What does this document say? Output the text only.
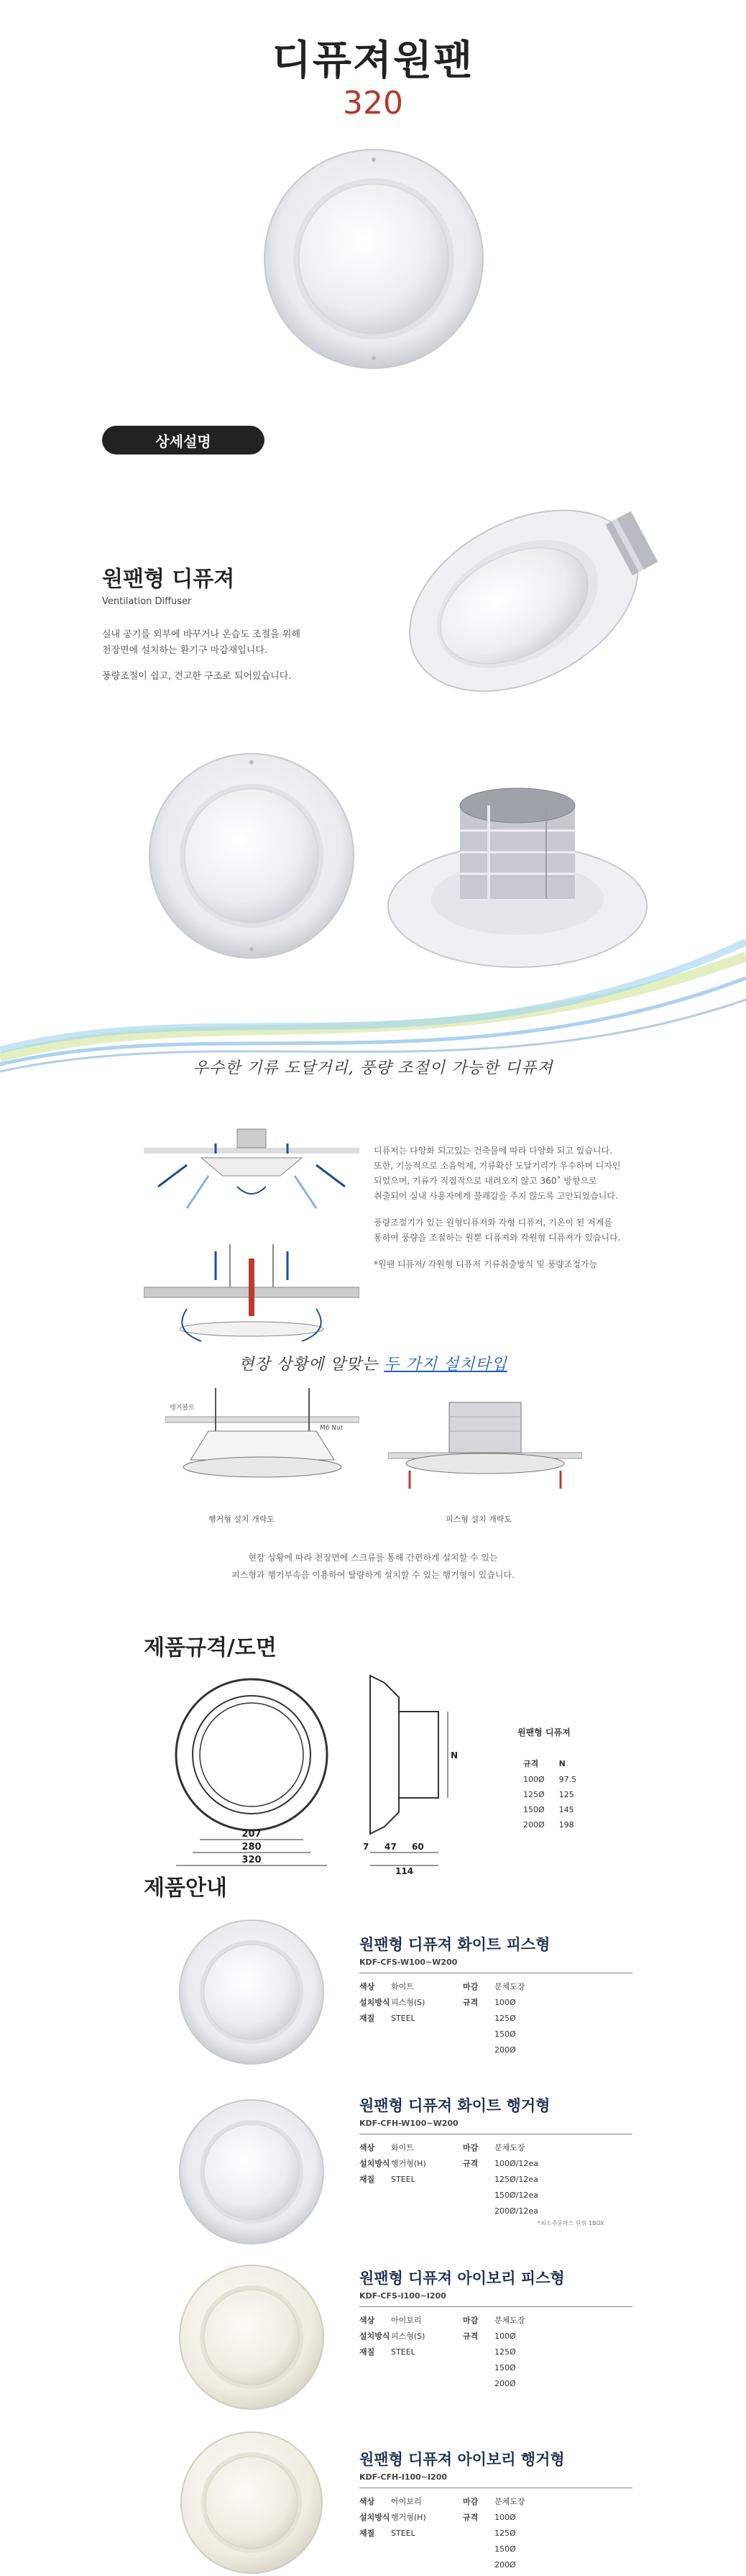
디퓨져원팬
320
상세설명
원팬형 디퓨져
Ventilation Diffuser
실내 공기를 외부에 바꾸거나 온습도 조절을 위해
천장면에 설치하는 환기구 마감재입니다.
풍량조절이 쉽고, 견고한 구조로 되어있습니다.
우수한 기류 도달거리, 풍량 조절이 가능한 디퓨져
디퓨저는 다양화 되고있는 건축물에 따라 다양화 되고 있습니다.
또한, 기능적으로 소음억제, 기류확산 도달거리가 우수하며 디자인
되었으며, 기류가 직접적으로 내려오지 않고 360˚ 방향으로
취출되어 실내 사용자에게 불쾌감을 주지 않도록 고안되었습니다.
풍량조절기가 있는 원형디퓨저와 각형 디퓨저, 기온이 된 저게를
통하여 풍량을 조절하는 원뿐 디퓨져와 각원형 디퓨져가 있습니다.
*원팬 디퓨저/ 각원형 디퓨저 기류취출방식 및 풍량조정가능
현장 상황에 알맞는 두 가지 설치타입
행거볼트
M6 Nut
행거형 설치 개략도	피스형 설치 개략도
현장 상황에 따라 천장면에 스크류를 통해 간편하게 설치할 수 있는
피스형과 행거부속을 이용하여 탈량하게 설치할 수 있는 행거형이 있습니다.
제품규격/도면
207
280
320
N
7 47 60
114
원팬형 디퓨져
규격	N
100Ø	97.5
125Ø	125
150Ø	145
200Ø	198
제품안내
원팬형 디퓨져 화이트 피스형
KDF-CFS-W100~W200
색상 화이트	마감 분체도장
설치방식피스형(S)	규격 100Ø
재질 STEEL	125Ø
150Ø
200Ø
원팬형 디퓨져 화이트 행거형
KDF-CFH-W100~W200
색상 화이트	마감 분체도장
설치방식행거형(H)	규격 100Ø/12ea
재질 STEEL	125Ø/12ea
150Ø/12ea
200Ø/12ea
*최소주문박스 단위 1BOX
원팬형 디퓨져 아이보리 피스형
KDF-CFS-I100~I200
색상 아이보리	마감 분체도장
설치방식피스형(S)	규격 100Ø
재질 STEEL	125Ø
150Ø
200Ø
원팬형 디퓨져 아이보리 행거형
KDF-CFH-I100~I200
색상 아이보리	마감 분체도장
설치방식행거형(H)	규격 100Ø
재질 STEEL	125Ø
150Ø
200Ø
